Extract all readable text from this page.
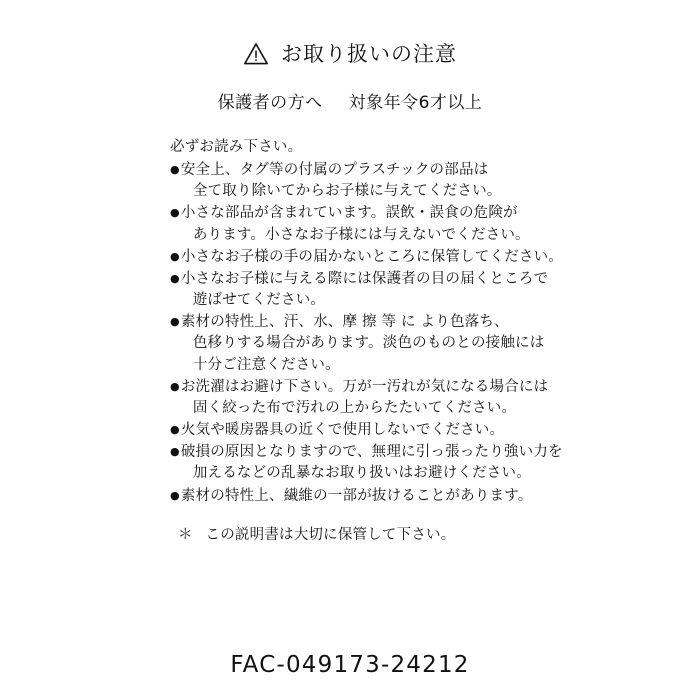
お取り扱いの注意
保護者の方へ 対象年令6才以上

必ずお読み下さい。

● 安全上、タグ等の付属のプラスチックの部品は
全て取り除いてからお子様に与えてください。
● 小さな部品が含まれています。誤飲・誤食の危険が
あります。小さなお子様には与えないでください。
● 小さなお子様の手の届かないところに保管してください。
● 小さなお子様に与える際には保護者の目の届くところで
遊ばせてください。
● 素材の特性上、汗、水、摩 擦 等 に より色落ち、
色移りする場合があります。淡色のものとの接触には
十分ご注意ください。
● お洗濯はお避け下さい。万が一汚れが気になる場合には
固く絞った布で汚れの上からたたいてください。
● 火気や暖房器具の近くで使用しないでください。
● 破損の原因となりますので、無理に引っ張ったり強い力を
加えるなどの乱暴なお取り扱いはお避けください。
● 素材の特性上、繊維の一部が抜けることがあります。
＊ この説明書は大切に保管して下さい。
FAC-049173-24212
